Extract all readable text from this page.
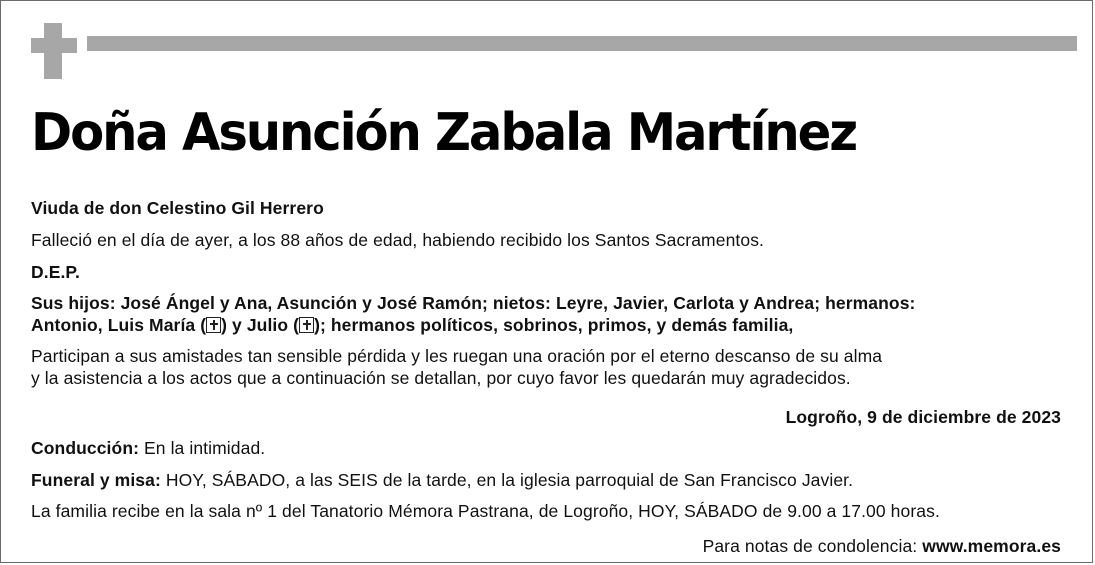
Doña Asunción Zabala Martínez
Viuda de don Celestino Gil Herrero
Falleció en el día de ayer, a los 88 años de edad, habiendo recibido los Santos Sacramentos.
D.E.P.
Sus hijos: José Ángel y Ana, Asunción y José Ramón; nietos: Leyre, Javier, Carlota y Andrea; hermanos:
Antonio, Luis María (☒) y Julio (☒); hermanos políticos, sobrinos, primos, y demás familia,
Participan a sus amistades tan sensible pérdida y les ruegan una oración por el eterno descanso de su alma
y la asistencia a los actos que a continuación se detallan, por cuyo favor les quedarán muy agradecidos.
Logroño, 9 de diciembre de 2023
Conducción: En la intimidad.
Funeral y misa: HOY, SÁBADO, a las SEIS de la tarde, en la iglesia parroquial de San Francisco Javier.
La familia recibe en la sala nº 1 del Tanatorio Mémora Pastrana, de Logroño, HOY, SÁBADO de 9.00 a 17.00 horas.
Para notas de condolencia: www.memora.es
